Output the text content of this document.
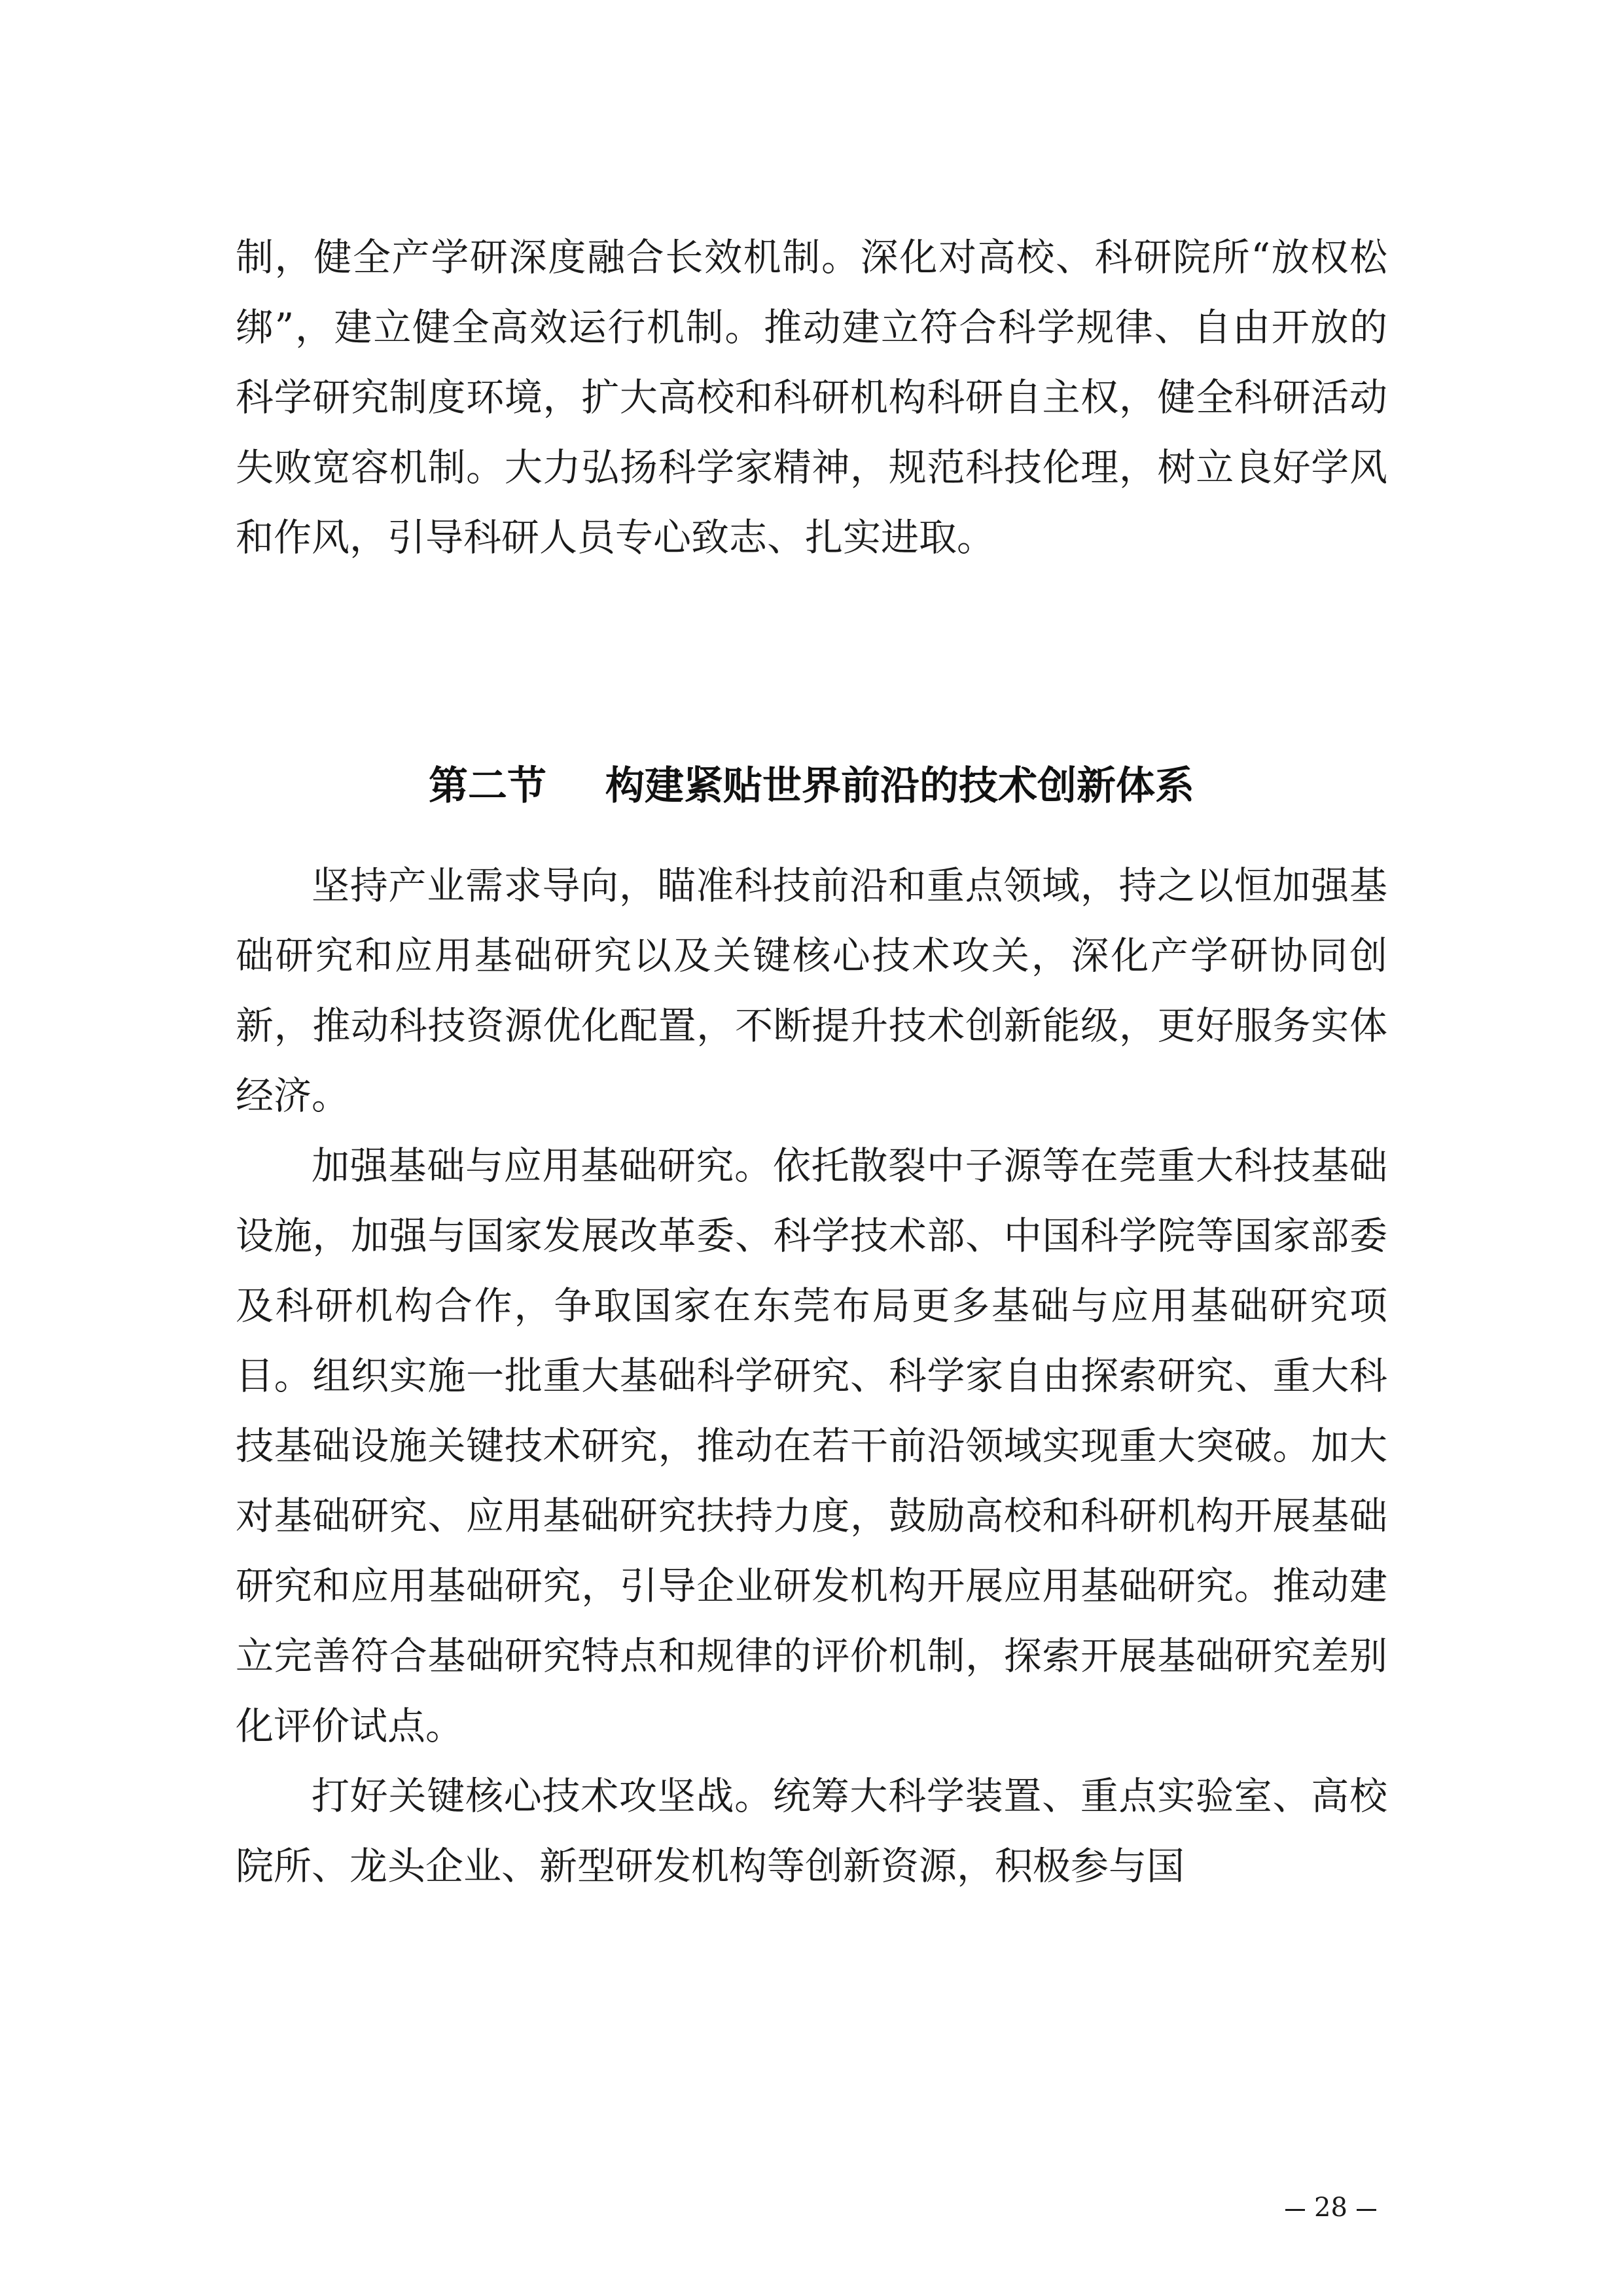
制，健全产学研深度融合长效机制。深化对高校、科研院所“放权松绑”，建立健全高效运行机制。推动建立符合科学规律、自由开放的科学研究制度环境，扩大高校和科研机构科研自主权，健全科研活动失败宽容机制。大力弘扬科学家精神，规范科技伦理，树立良好学风和作风，引导科研人员专心致志、扎实进取。

第二节 构建紧贴世界前沿的技术创新体系

坚持产业需求导向，瞄准科技前沿和重点领域，持之以恒加强基础研究和应用基础研究以及关键核心技术攻关，深化产学研协同创新，推动科技资源优化配置，不断提升技术创新能级，更好服务实体经济。

加强基础与应用基础研究。依托散裂中子源等在莞重大科技基础设施，加强与国家发展改革委、科学技术部、中国科学院等国家部委及科研机构合作，争取国家在东莞布局更多基础与应用基础研究项目。组织实施一批重大基础科学研究、科学家自由探索研究、重大科技基础设施关键技术研究，推动在若干前沿领域实现重大突破。加大对基础研究、应用基础研究扶持力度，鼓励高校和科研机构开展基础研究和应用基础研究，引导企业研发机构开展应用基础研究。推动建立完善符合基础研究特点和规律的评价机制，探索开展基础研究差别化评价试点。

打好关键核心技术攻坚战。统筹大科学装置、重点实验室、高校院所、龙头企业、新型研发机构等创新资源，积极参与国

28
